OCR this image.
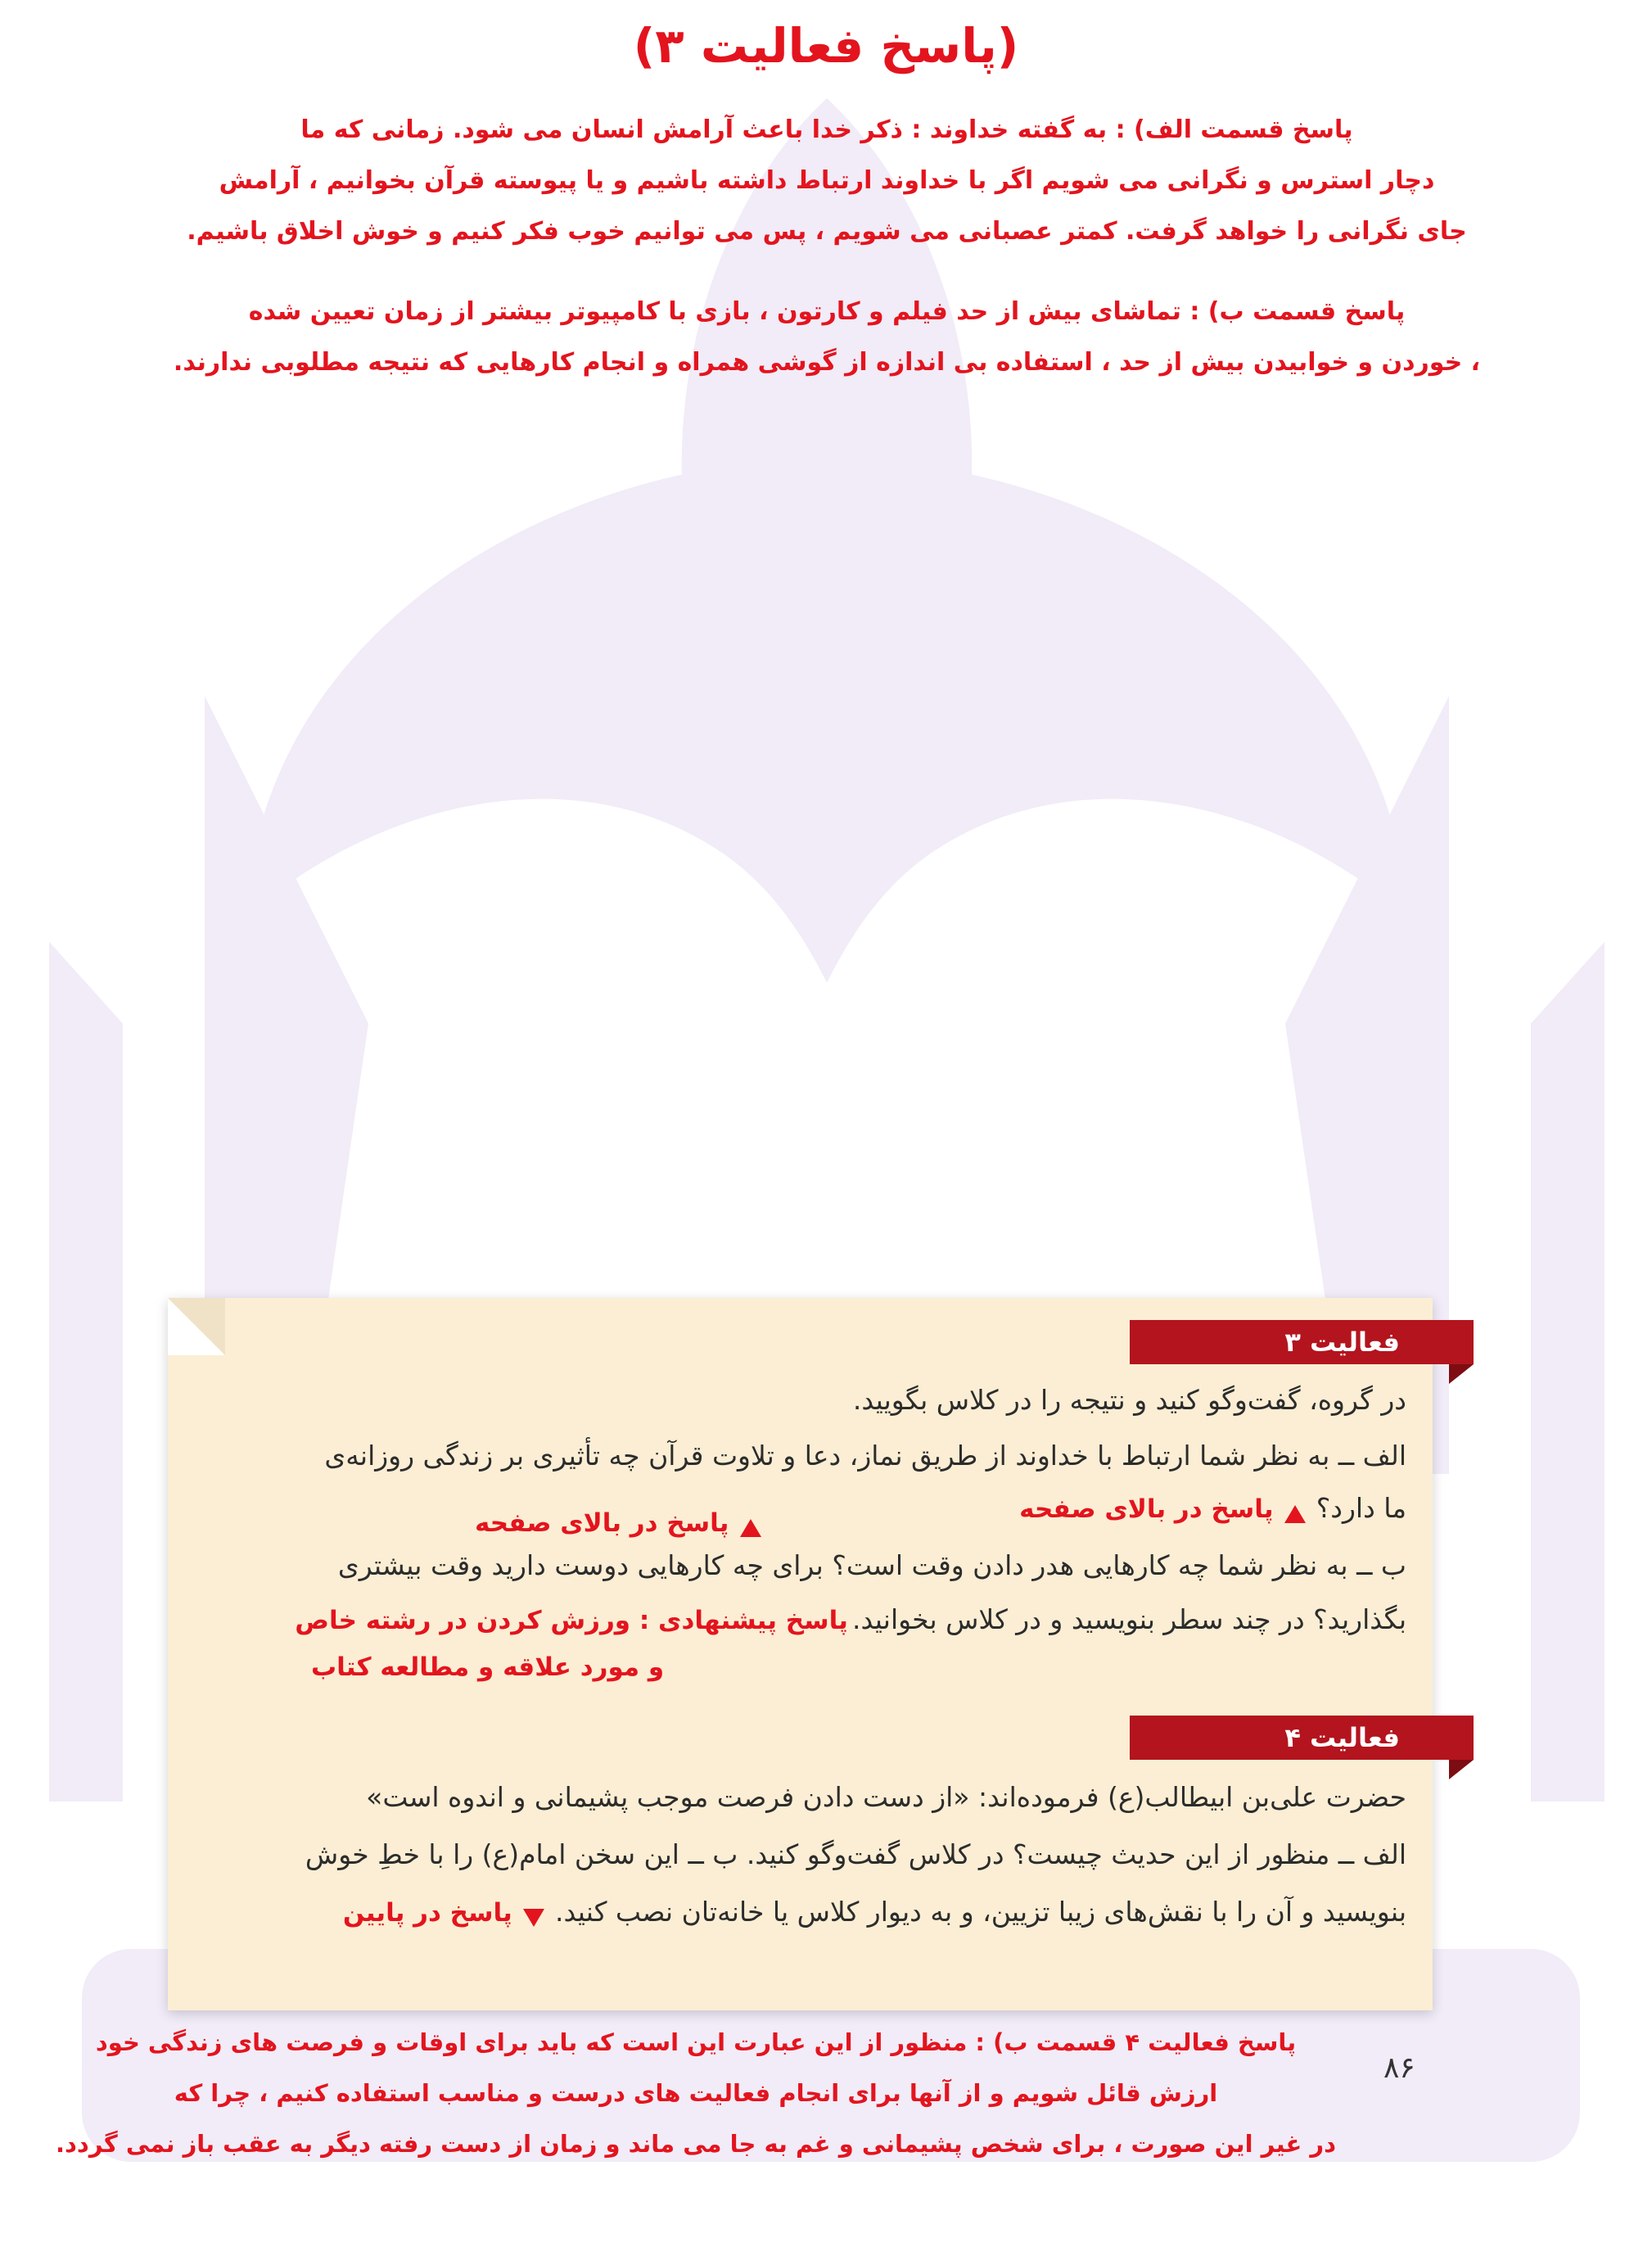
(پاسخ فعالیت ۳)
پاسخ قسمت الف) : به گفته خداوند : ذکر خدا باعث آرامش انسان می شود. زمانی که ما
دچار استرس و نگرانی می شویم اگر با خداوند ارتباط داشته باشیم و یا پیوسته قرآن بخوانیم ، آرامش
جای نگرانی را خواهد گرفت. کمتر عصبانی می شویم ، پس می توانیم خوب فکر کنیم و خوش اخلاق باشیم.
پاسخ قسمت ب) : تماشای بیش از حد فیلم و کارتون ، بازی با کامپیوتر بیشتر از زمان تعیین شده
، خوردن و خوابیدن بیش از حد ، استفاده بی اندازه از گوشی همراه و انجام کارهایی که نتیجه مطلوبی ندارند.
فعالیت ۳
در گروه، گفت‌وگو کنید و نتیجه را در کلاس بگویید.
الف ــ به نظر شما ارتباط با خداوند از طریق نماز، دعا و تلاوت قرآن چه تأثیری بر زندگی روزانه‌ی
ما دارد؟  پاسخ در بالای صفحه
پاسخ در بالای صفحه
ب ــ به نظر شما چه کارهایی هدر دادن وقت است؟ برای چه کارهایی دوست دارید وقت بیشتری
بگذارید؟ در چند سطر بنویسید و در کلاس بخوانید. پاسخ پیشنهادی : ورزش کردن در رشته خاص
و مورد علاقه و مطالعه کتاب
فعالیت ۴
حضرت علی‌بن ابیطالب(ع) فرموده‌اند: «از دست دادن فرصت موجب پشیمانی و اندوه است»
الف ــ منظور از این حدیث چیست؟ در کلاس گفت‌وگو کنید. ب ــ این سخن امام(ع) را با خطِ خوش
بنویسید و آن را با نقش‌های زیبا تزیین، و به دیوار کلاس یا خانه‌تان نصب کنید.  پاسخ در پایین
۸۶
پاسخ فعالیت ۴ قسمت ب) : منظور از این عبارت این است که باید برای اوقات و فرصت های زندگی خود
ارزش قائل شویم و از آنها برای انجام فعالیت های درست و مناسب استفاده کنیم ، چرا که
در غیر این صورت ، برای شخص پشیمانی و غم به جا می ماند و زمان از دست رفته دیگر به عقب باز نمی گردد.
